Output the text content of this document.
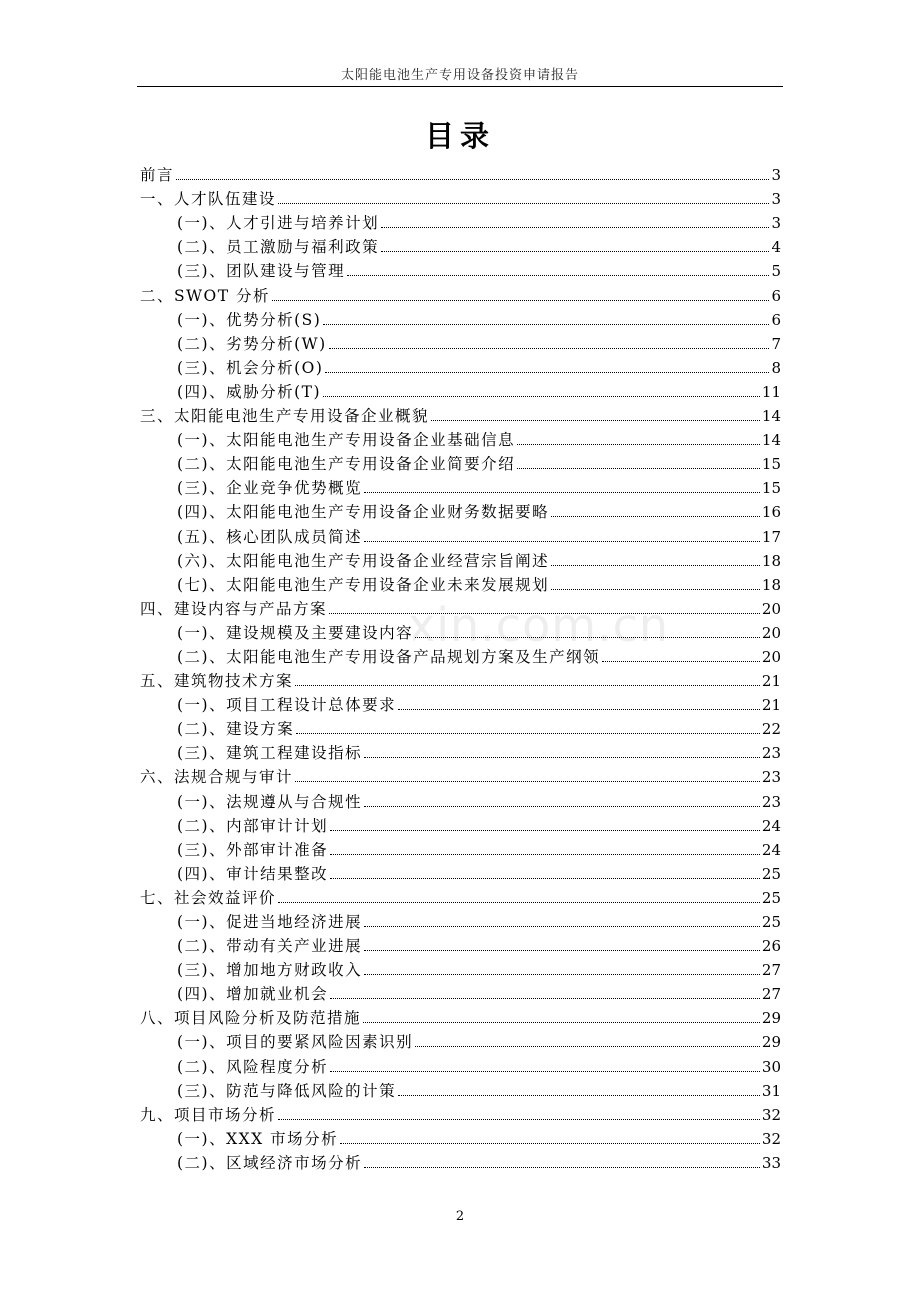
太阳能电池生产专用设备投资申请报告
目录
xin.com.cn
前言	3
一、人才队伍建设	3
(一)、人才引进与培养计划	3
(二)、员工激励与福利政策	4
(三)、团队建设与管理	5
二、SWOT 分析	6
(一)、优势分析(S)	6
(二)、劣势分析(W)	7
(三)、机会分析(O)	8
(四)、威胁分析(T)	11
三、太阳能电池生产专用设备企业概貌	14
(一)、太阳能电池生产专用设备企业基础信息	14
(二)、太阳能电池生产专用设备企业简要介绍	15
(三)、企业竞争优势概览	15
(四)、太阳能电池生产专用设备企业财务数据要略	16
(五)、核心团队成员简述	17
(六)、太阳能电池生产专用设备企业经营宗旨阐述	18
(七)、太阳能电池生产专用设备企业未来发展规划	18
四、建设内容与产品方案	20
(一)、建设规模及主要建设内容	20
(二)、太阳能电池生产专用设备产品规划方案及生产纲领	20
五、建筑物技术方案	21
(一)、项目工程设计总体要求	21
(二)、建设方案	22
(三)、建筑工程建设指标	23
六、法规合规与审计	23
(一)、法规遵从与合规性	23
(二)、内部审计计划	24
(三)、外部审计准备	24
(四)、审计结果整改	25
七、社会效益评价	25
(一)、促进当地经济进展	25
(二)、带动有关产业进展	26
(三)、增加地方财政收入	27
(四)、增加就业机会	27
八、项目风险分析及防范措施	29
(一)、项目的要紧风险因素识别	29
(二)、风险程度分析	30
(三)、防范与降低风险的计策	31
九、项目市场分析	32
(一)、XXX 市场分析	32
(二)、区域经济市场分析	33
2
